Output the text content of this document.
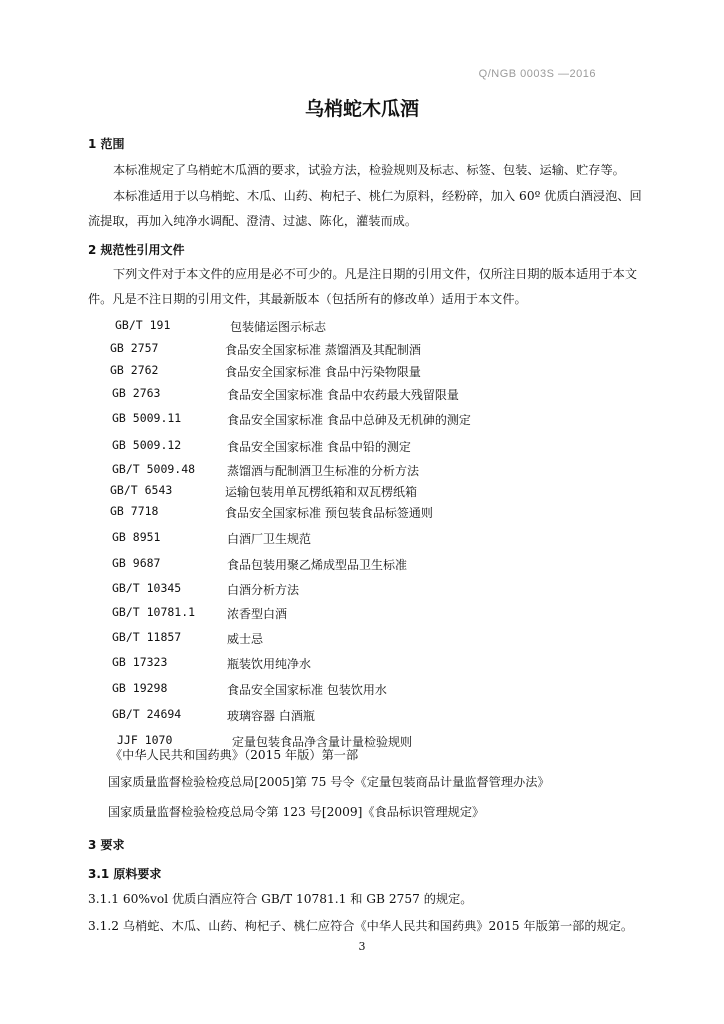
Q/NGB 0003S —2016
乌梢蛇木瓜酒
1 范围
本标准规定了乌梢蛇木瓜酒的要求，试验方法，检验规则及标志、标签、包装、运输、贮存等。
本标准适用于以乌梢蛇、木瓜、山药、枸杞子、桃仁为原料，经粉碎，加入 60º 优质白酒浸泡、回流提取，再加入纯净水调配、澄清、过滤、陈化，灌装而成。
2 规范性引用文件
下列文件对于本文件的应用是必不可少的。凡是注日期的引用文件，仅所注日期的版本适用于本文件。凡是不注日期的引用文件，其最新版本（包括所有的修改单）适用于本文件。
GB/T 191	包装储运图示标志
GB 2757	食品安全国家标准 蒸馏酒及其配制酒
GB 2762	食品安全国家标准 食品中污染物限量
GB 2763	食品安全国家标准 食品中农药最大残留限量
GB 5009.11	食品安全国家标准 食品中总砷及无机砷的测定
GB 5009.12	食品安全国家标准 食品中铅的测定
GB/T 5009.48	蒸馏酒与配制酒卫生标准的分析方法
GB/T 6543	运输包装用单瓦楞纸箱和双瓦楞纸箱
GB 7718	食品安全国家标准 预包装食品标签通则
GB 8951	白酒厂卫生规范
GB 9687	食品包装用聚乙烯成型品卫生标准
GB/T 10345	白酒分析方法
GB/T 10781.1	浓香型白酒
GB/T 11857	威士忌
GB 17323	瓶装饮用纯净水
GB 19298	食品安全国家标准 包装饮用水
GB/T 24694	玻璃容器 白酒瓶
JJF 1070	定量包装食品净含量计量检验规则
《中华人民共和国药典》（2015 年版）第一部
国家质量监督检验检疫总局[2005]第 75 号令《定量包装商品计量监督管理办法》
国家质量监督检验检疫总局令第 123 号[2009]《食品标识管理规定》
3 要求
3.1 原料要求
3.1.1 60%vol 优质白酒应符合 GB/T 10781.1 和 GB 2757 的规定。
3.1.2 乌梢蛇、木瓜、山药、枸杞子、桃仁应符合《中华人民共和国药典》2015 年版第一部的规定。
3
